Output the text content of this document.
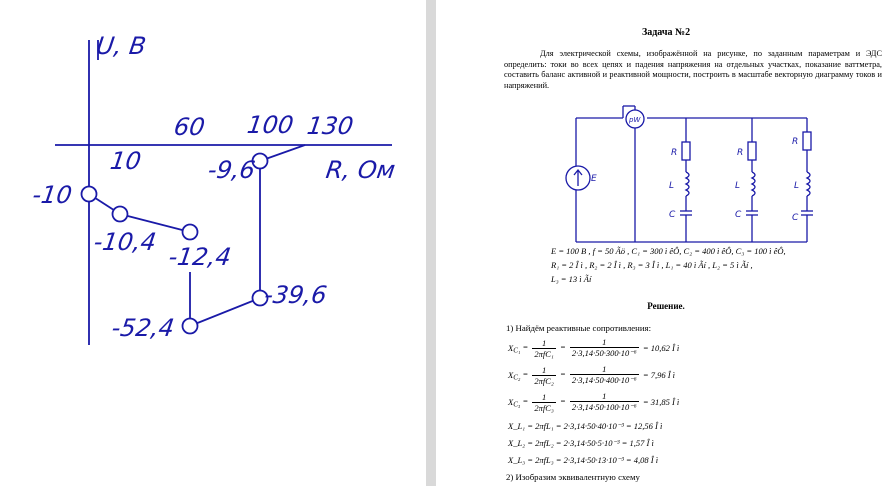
U, В
R, Ом
60 100 130
10
-10
-10,4
-12,4
-52,4
-39,6
-9,6
Задача №2
Для электрической схемы, изображённой на рисунке, по заданным параметрам и ЭДС определить: токи во всех цепях и падения напряжения на отдельных участках, показание ваттметра, составить баланс активной и реактивной мощности, построить в масштабе векторную диаграмму токов и напряжений.
pW
E
R	R
R
L	L	L
C	C	C
E = 100 В , f = 50 Ãö , C₁ = 300 ì êÔ, C₂ = 400 ì êÔ, C₃ = 100 ì êÔ,
R₁ = 2 Î ì , R₂ = 2 Î ì , R₃ = 3 Î ì , L₁ = 40 ì Ãí , L₂ = 5 ì Ãí ,
L₃ = 13 ì Ãí
Решение.
1) Найдём реактивные сопротивления:
$X_{C_1} = \frac{1}{\text{2πfC₁}} = \frac{1}{\text{2·3,14·50·300·10⁻⁶}} = 10,62$ Î ì
$X_{C_2} = \frac{1}{\text{2πfC₂}} = \frac{1}{\text{2·3,14·50·400·10⁻⁶}} = 7,96$ Î ì
$X_{C_3} = \frac{1}{\text{2πfC₃}} = \frac{1}{\text{2·3,14·50·100·10⁻⁶}} = 31,85$ Î ì
X_L₁ = 2πfL₁ = 2·3,14·50·40·10⁻³ = 12,56 Î ì
X_L₂ = 2πfL₂ = 2·3,14·50·5·10⁻³ = 1,57 Î ì
X_L₃ = 2πfL₃ = 2·3,14·50·13·10⁻³ = 4,08 Î ì
2) Изобразим эквивалентную схему
